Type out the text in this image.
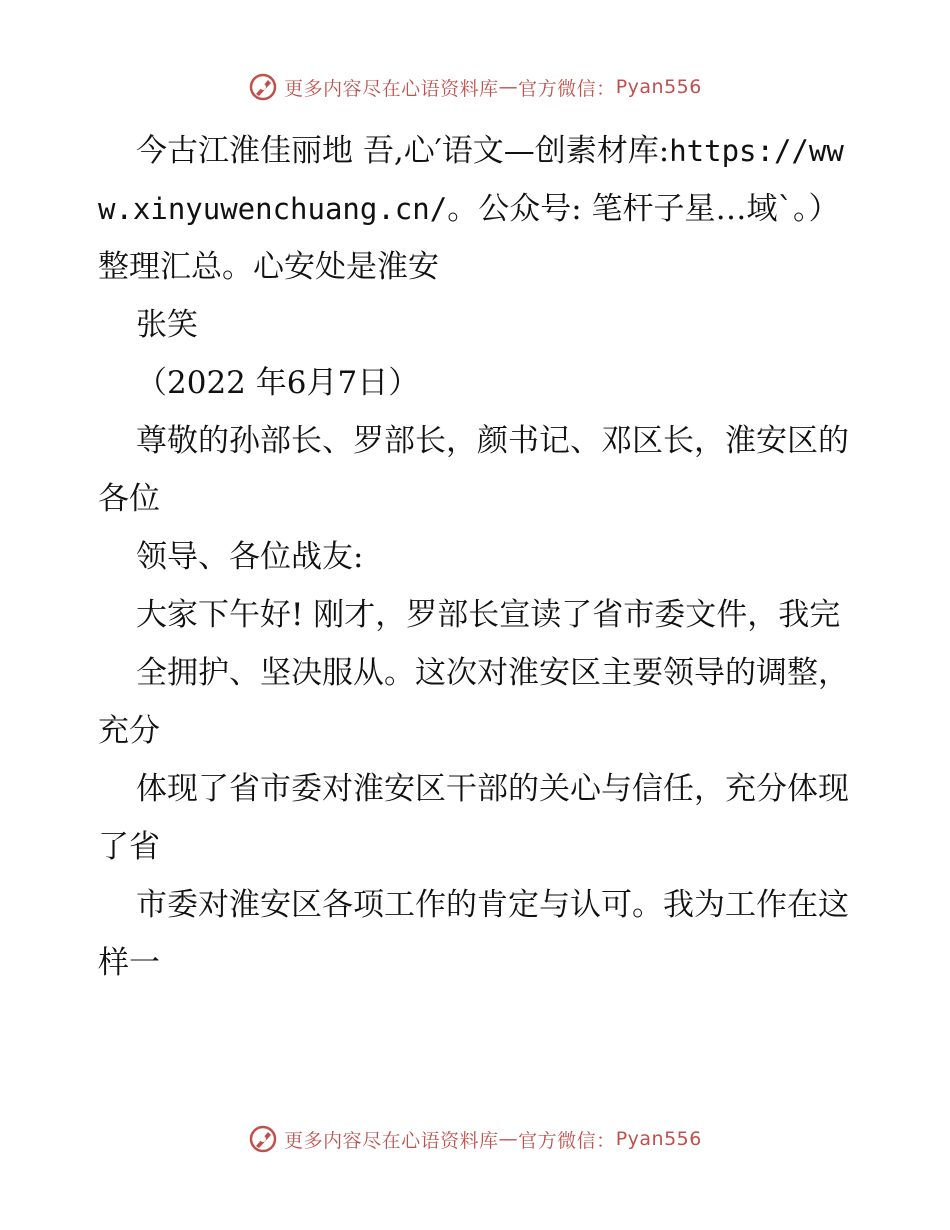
更多内容尽在心语资料库 — 官方微信： Pyan556

今古江淮佳丽地 吾,心′语文—创素材库:https://www.xinyuwenchuang.cn/。公众号: 笔杆子星…域ˋ。）整理汇总。心安处是淮安

张笑

（2022 年6月7日）

尊敬的孙部长、罗部长，颜书记、邓区长，淮安区的各位

领导、各位战友:

大家下午好! 刚才，罗部长宣读了省市委文件，我完

全拥护、坚决服从。这次对淮安区主要领导的调整，充分

体现了省市委对淮安区干部的关心与信任，充分体现了省

市委对淮安区各项工作的肯定与认可。我为工作在这样一

更多内容尽在心语资料库 — 官方微信： Pyan556
